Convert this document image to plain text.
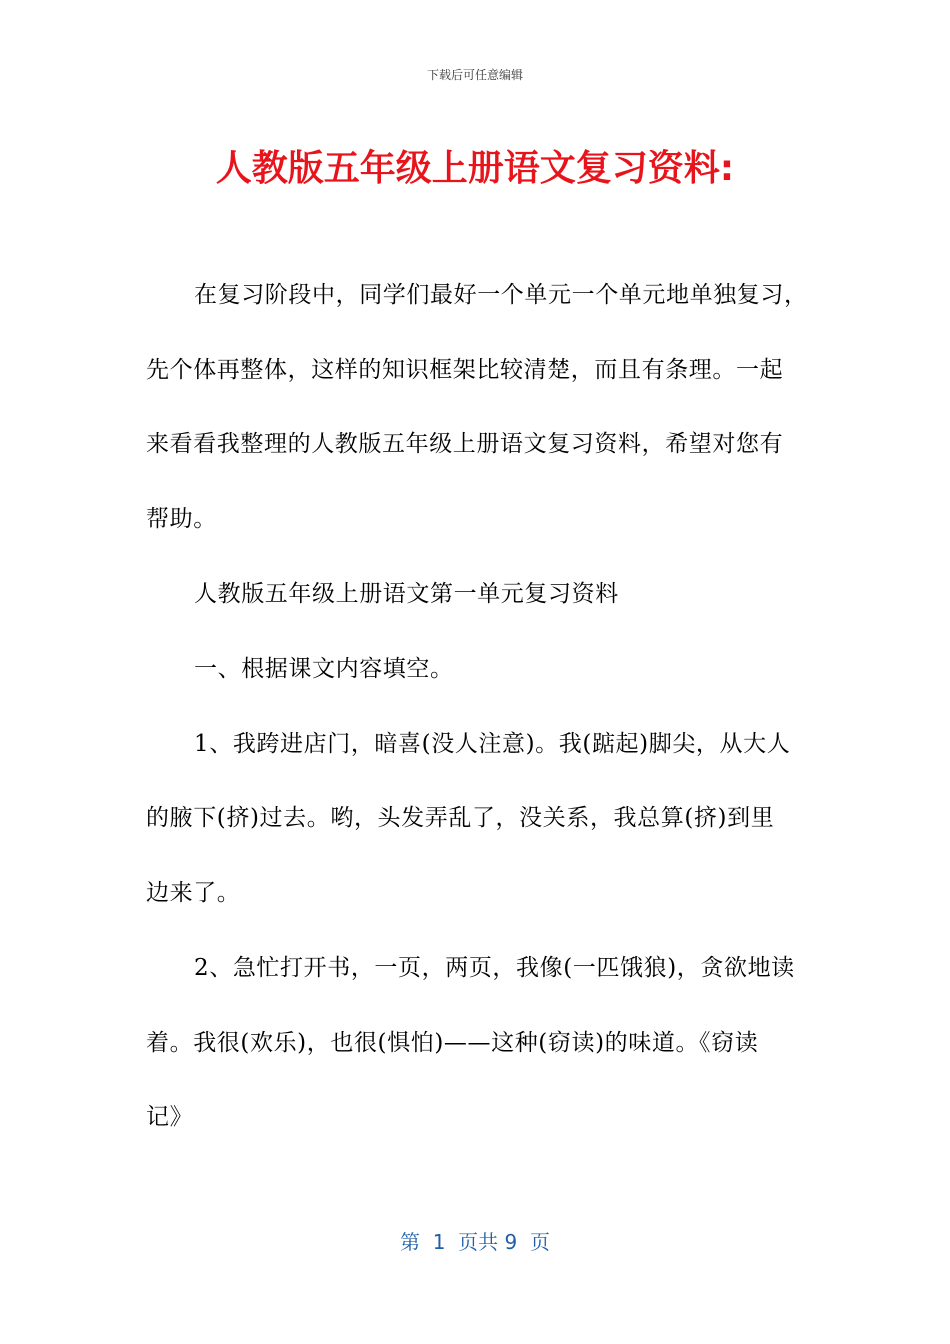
下载后可任意编辑
人教版五年级上册语文复习资料:
在复习阶段中，同学们最好一个单元一个单元地单独复习，
先个体再整体，这样的知识框架比较清楚，而且有条理。一起
来看看我整理的人教版五年级上册语文复习资料，希望对您有
帮助。
人教版五年级上册语文第一单元复习资料
一、根据课文内容填空。
1、我跨进店门，暗喜(没人注意)。我(踮起)脚尖，从大人
的腋下(挤)过去。哟，头发弄乱了，没关系，我总算(挤)到里
边来了。
2、急忙打开书，一页，两页，我像(一匹饿狼)，贪欲地读
着。我很(欢乐)，也很(惧怕)——这种(窃读)的味道。《窃读
记》
第  1  页共 9  页
